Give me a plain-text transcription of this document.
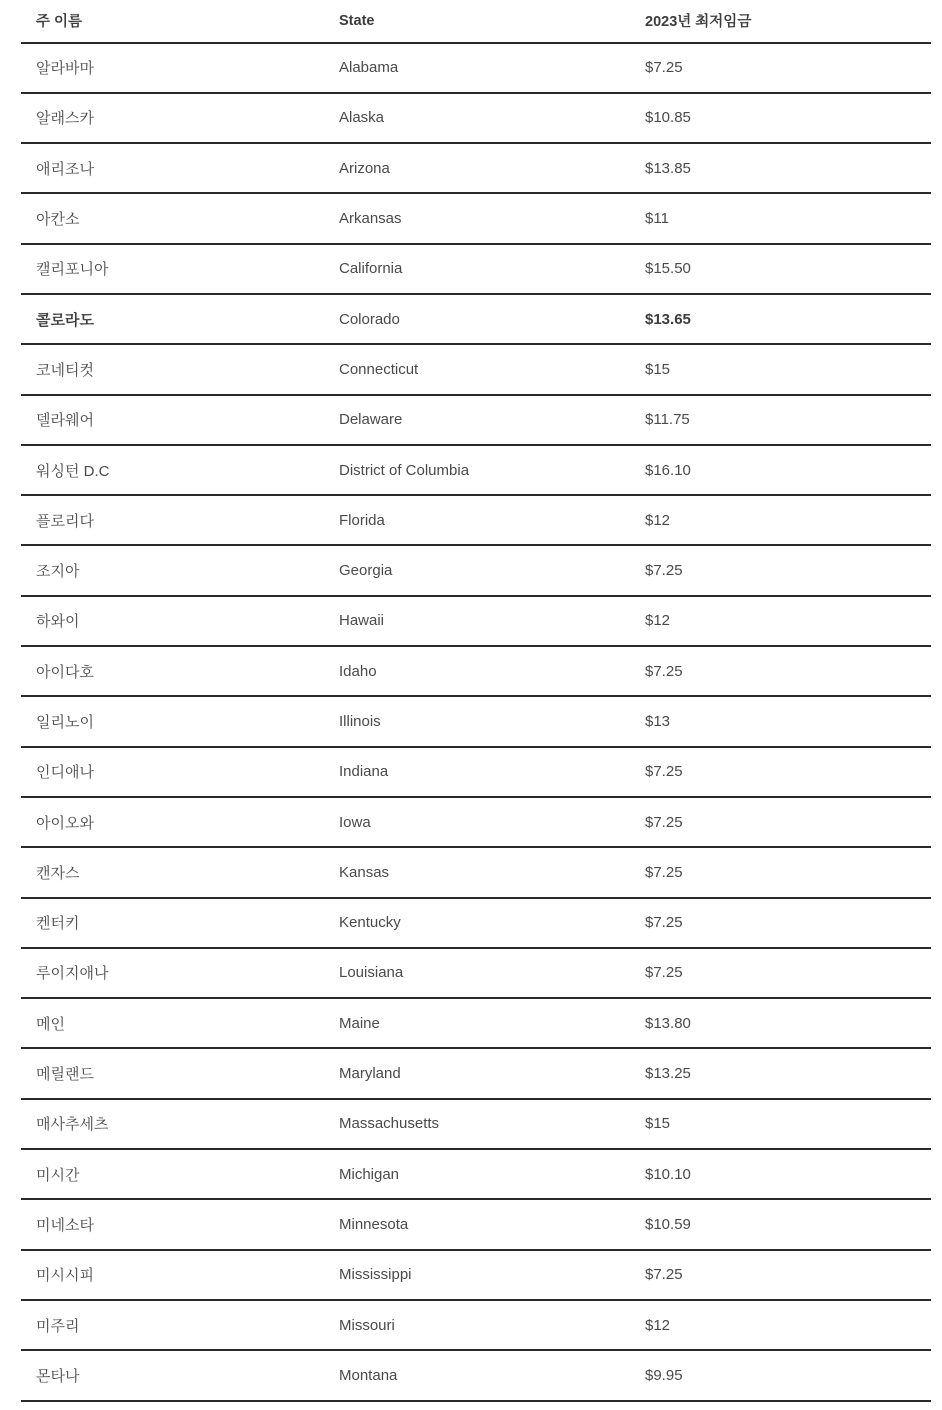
주 이름	State	2023년 최저임금
알라바마	Alabama	$7.25
알래스카	Alaska	$10.85
애리조나	Arizona	$13.85
아칸소	Arkansas	$11
캘리포니아	California	$15.50
콜로라도	Colorado	$13.65
코네티컷	Connecticut	$15
델라웨어	Delaware	$11.75
워싱턴 D.C	District of Columbia	$16.10
플로리다	Florida	$12
조지아	Georgia	$7.25
하와이	Hawaii	$12
아이다호	Idaho	$7.25
일리노이	Illinois	$13
인디애나	Indiana	$7.25
아이오와	Iowa	$7.25
캔자스	Kansas	$7.25
켄터키	Kentucky	$7.25
루이지애나	Louisiana	$7.25
메인	Maine	$13.80
메릴랜드	Maryland	$13.25
매사추세츠	Massachusetts	$15
미시간	Michigan	$10.10
미네소타	Minnesota	$10.59
미시시피	Mississippi	$7.25
미주리	Missouri	$12
몬타나	Montana	$9.95
